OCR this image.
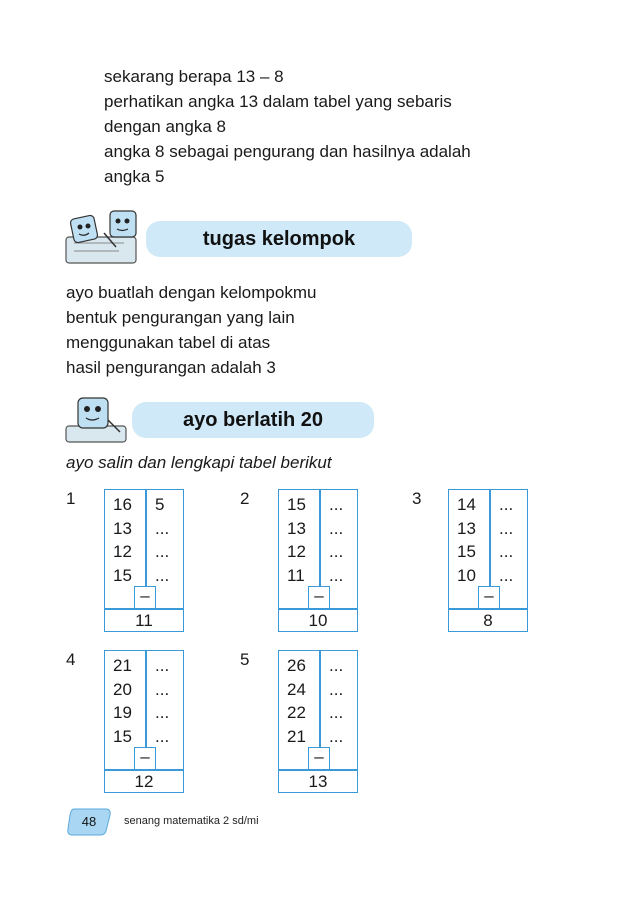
sekarang berapa 13 – 8
perhatikan angka 13 dalam tabel yang sebaris
dengan angka 8
angka 8 sebagai pengurang dan hasilnya adalah
angka 5
tugas kelompok
ayo buatlah dengan kelompokmu
bentuk pengurangan yang lain
menggunakan tabel di atas
hasil pengurangan adalah 3
ayo berlatih 20
ayo salin dan lengkapi tabel berikut
1 16
13
12
15
5
...
...
...
–
11
2 15
13
12
11
...
...
...
...
–
10
3 14
13
15
10
...
...
...
...
–
8
4 21
20
19
15
...
...
...
...
–
12
5 26
24
22
21
...
...
...
...
–
13
48	senang matematika 2 sd/mi
